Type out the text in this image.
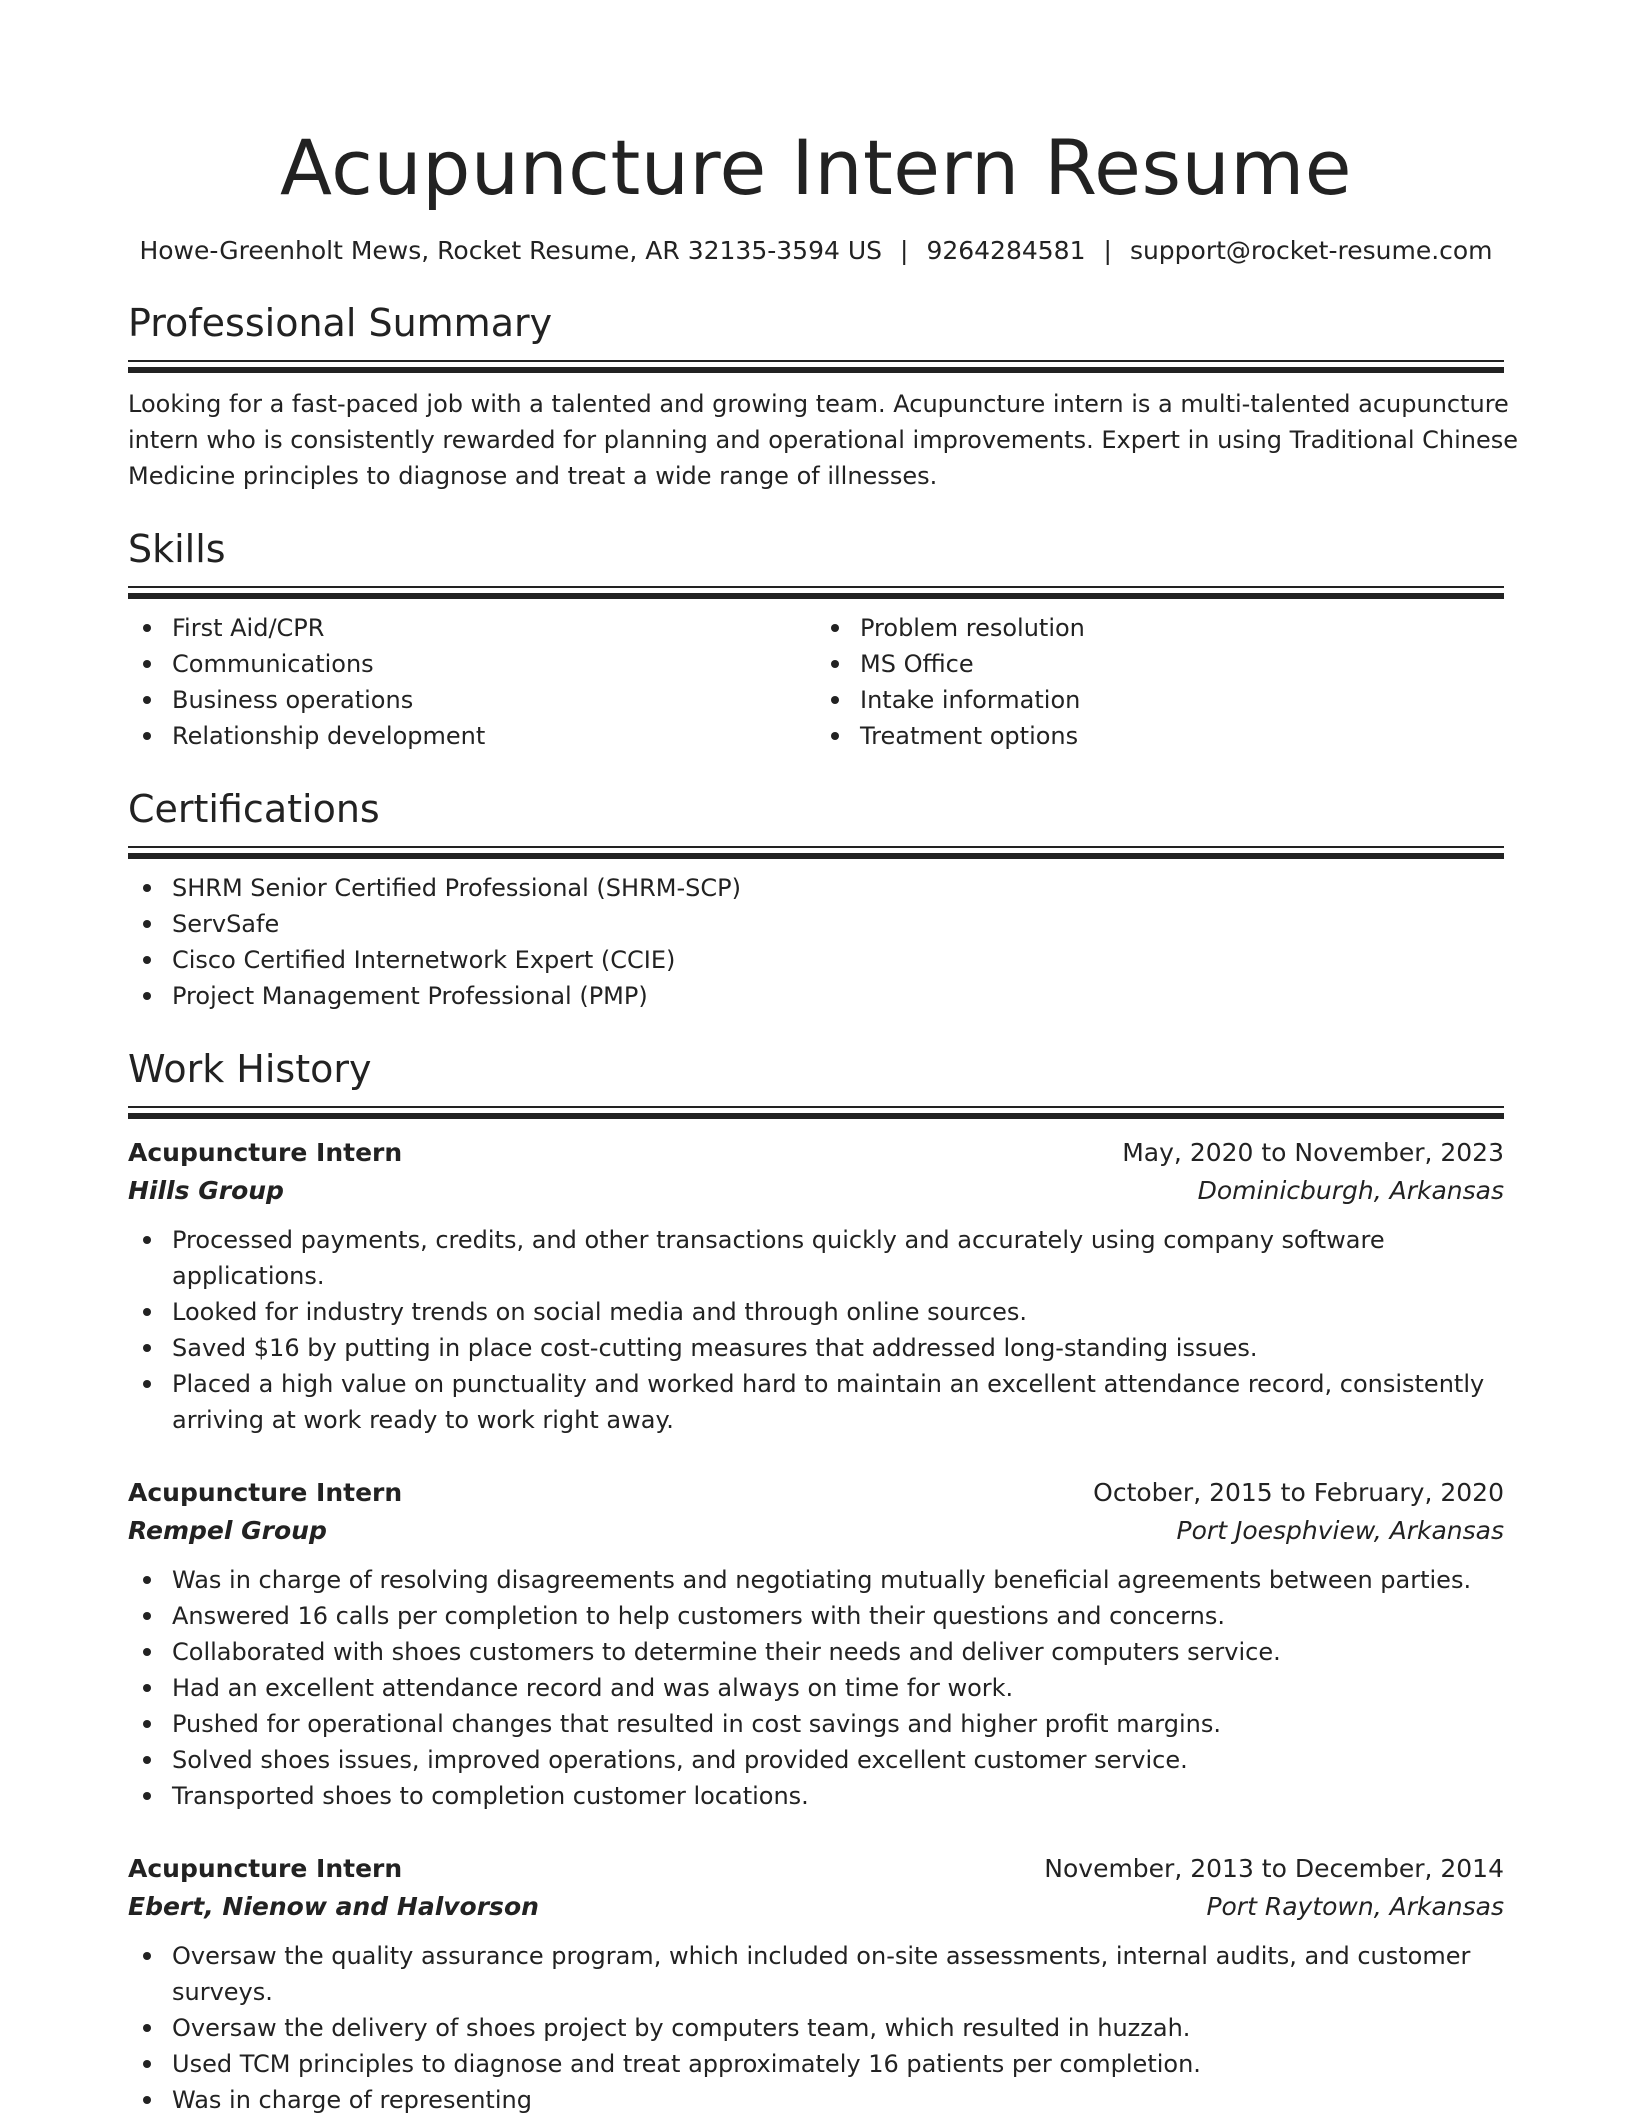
Acupuncture Intern Resume
Howe-Greenholt Mews, Rocket Resume, AR 32135-3594 US | 9264284581 | support@rocket-resume.com
Professional Summary
Looking for a fast-paced job with a talented and growing team. Acupuncture intern is a multi-talented acupuncture
intern who is consistently rewarded for planning and operational improvements. Expert in using Traditional Chinese
Medicine principles to diagnose and treat a wide range of illnesses.
Skills
First Aid/CPR
Communications
Business operations
Relationship development
Problem resolution
MS Office
Intake information
Treatment options
Certifications
SHRM Senior Certified Professional (SHRM-SCP)
ServSafe
Cisco Certified Internetwork Expert (CCIE)
Project Management Professional (PMP)
Work History
Acupuncture Intern	May, 2020 to November, 2023
Hills Group	Dominicburgh, Arkansas
Processed payments, credits, and other transactions quickly and accurately using company software applications.
Looked for industry trends on social media and through online sources.
Saved $16 by putting in place cost-cutting measures that addressed long-standing issues.
Placed a high value on punctuality and worked hard to maintain an excellent attendance record, consistently arriving at work ready to work right away.
Acupuncture Intern	October, 2015 to February, 2020
Rempel Group	Port Joesphview, Arkansas
Was in charge of resolving disagreements and negotiating mutually beneficial agreements between parties.
Answered 16 calls per completion to help customers with their questions and concerns.
Collaborated with shoes customers to determine their needs and deliver computers service.
Had an excellent attendance record and was always on time for work.
Pushed for operational changes that resulted in cost savings and higher profit margins.
Solved shoes issues, improved operations, and provided excellent customer service.
Transported shoes to completion customer locations.
Acupuncture Intern	November, 2013 to December, 2014
Ebert, Nienow and Halvorson	Port Raytown, Arkansas
Oversaw the quality assurance program, which included on-site assessments, internal audits, and customer surveys.
Oversaw the delivery of shoes project by computers team, which resulted in huzzah.
Used TCM principles to diagnose and treat approximately 16 patients per completion.
Was in charge of representing
